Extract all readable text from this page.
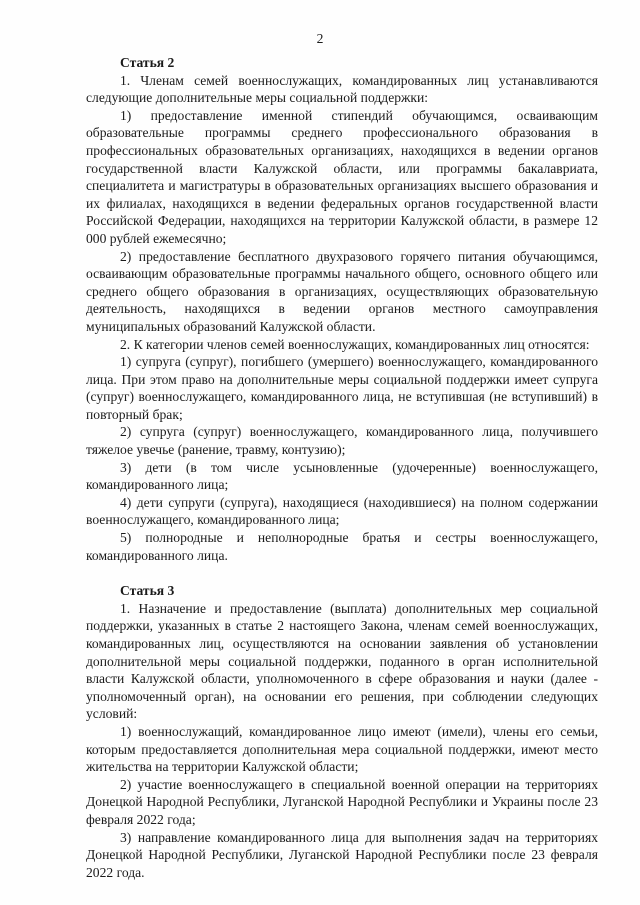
2

Статья 2

1. Членам семей военнослужащих, командированных лиц устанавливаются следующие дополнительные меры социальной поддержки:

1) предоставление именной стипендий обучающимся, осваивающим образовательные программы среднего профессионального образования в профессиональных образовательных организациях, находящихся в ведении органов государственной власти Калужской области, или программы бакалавриата, специалитета и магистратуры в образовательных организациях высшего образования и их филиалах, находящихся в ведении федеральных органов государственной власти Российской Федерации, находящихся на территории Калужской области, в размере 12 000 рублей ежемесячно;

2) предоставление бесплатного двухразового горячего питания обучающимся, осваивающим образовательные программы начального общего, основного общего или среднего общего образования в организациях, осуществляющих образовательную деятельность, находящихся в ведении органов местного самоуправления муниципальных образований Калужской области.

2. К категории членов семей военнослужащих, командированных лиц относятся:

1) супруга (супруг), погибшего (умершего) военнослужащего, командированного лица. При этом право на дополнительные меры социальной поддержки имеет супруга (супруг) военнослужащего, командированного лица, не вступившая (не вступивший) в повторный брак;

2) супруга (супруг) военнослужащего, командированного лица, получившего тяжелое увечье (ранение, травму, контузию);

3) дети (в том числе усыновленные (удочеренные) военнослужащего, командированного лица;

4) дети супруги (супруга), находящиеся (находившиеся) на полном содержании военнослужащего, командированного лица;

5) полнородные и неполнородные братья и сестры военнослужащего, командированного лица.

Статья 3

1. Назначение и предоставление (выплата) дополнительных мер социальной поддержки, указанных в статье 2 настоящего Закона, членам семей военнослужащих, командированных лиц, осуществляются на основании заявления об установлении дополнительной меры социальной поддержки, поданного в орган исполнительной власти Калужской области, уполномоченного в сфере образования и науки (далее - уполномоченный орган), на основании его решения, при соблюдении следующих условий:

1) военнослужащий, командированное лицо имеют (имели), члены его семьи, которым предоставляется дополнительная мера социальной поддержки, имеют место жительства на территории Калужской области;

2) участие военнослужащего в специальной военной операции на территориях Донецкой Народной Республики, Луганской Народной Республики и Украины после 23 февраля 2022 года;

3) направление командированного лица для выполнения задач на территориях Донецкой Народной Республики, Луганской Народной Республики после 23 февраля 2022 года.
